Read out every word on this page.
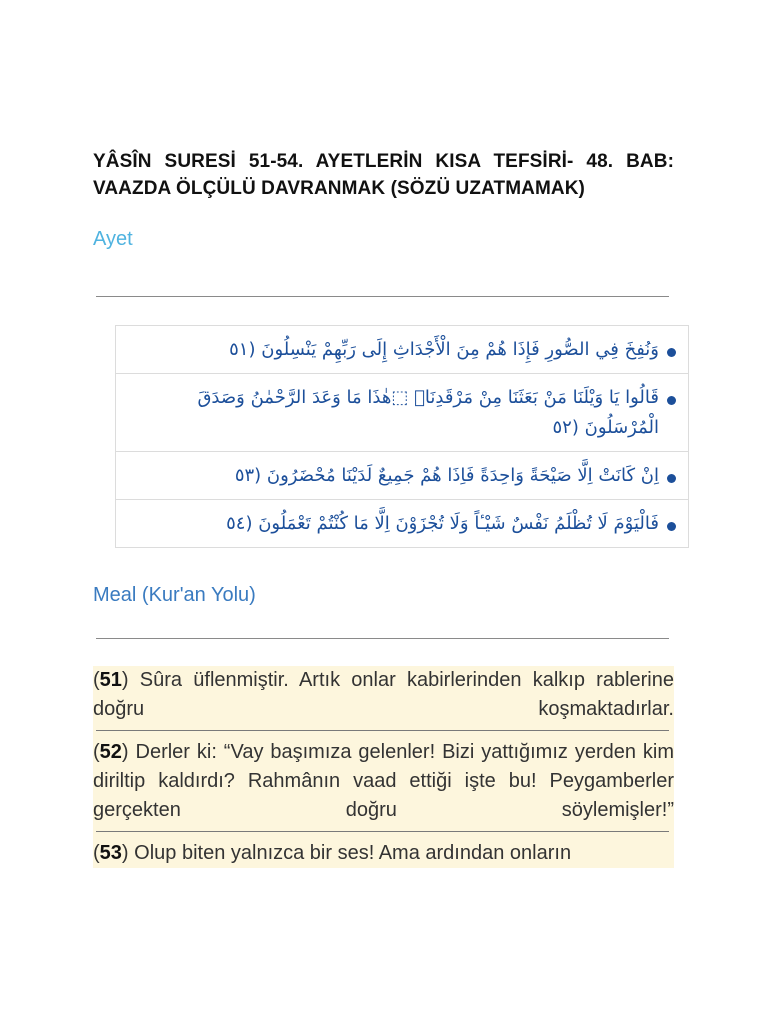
YÂSÎN SURESİ 51-54. AYETLERİN KISA TEFSİRİ- 48. BAB: VAAZDA ÖLÇÜLÜ DAVRANMAK (SÖZÜ UZATMAMAK)
Ayet
وَنُفِخَ فِي الصُّورِ فَإِذَا هُمْ مِنَ الْأَجْدَاثِ إِلَى رَبِّهِمْ يَنْسِلُونَ (٥١
قَالُوا يَا وَيْلَنَا مَنْ بَعَثَنَا مِنْ مَرْقَدِنَاۜ ⬚هٰذَا مَا وَعَدَ الرَّحْمٰنُ وَصَدَقَ الْمُرْسَلُونَ (٥٢
اِنْ كَانَتْ اِلَّا صَيْحَةً وَاحِدَةً فَاِذَا هُمْ جَمِيعٌ لَدَيْنَا مُحْضَرُونَ (٥٣
فَالْيَوْمَ لَا تُظْلَمُ نَفْسٌ شَيْـٔاً وَلَا تُجْزَوْنَ اِلَّا مَا كُنْتُمْ تَعْمَلُونَ (٥٤
Meal (Kur'an Yolu)
(51) Sûra üflenmiştir. Artık onlar kabirlerinden kalkıp rablerine doğru koşmaktadırlar.
(52) Derler ki: “Vay başımıza gelenler! Bizi yattığımız yerden kim diriltip kaldırdı? Rahmânın vaad ettiği işte bu! Peygamberler gerçekten doğru söylemişler!”
(53) Olup biten yalnızca bir ses! Ama ardından onların
